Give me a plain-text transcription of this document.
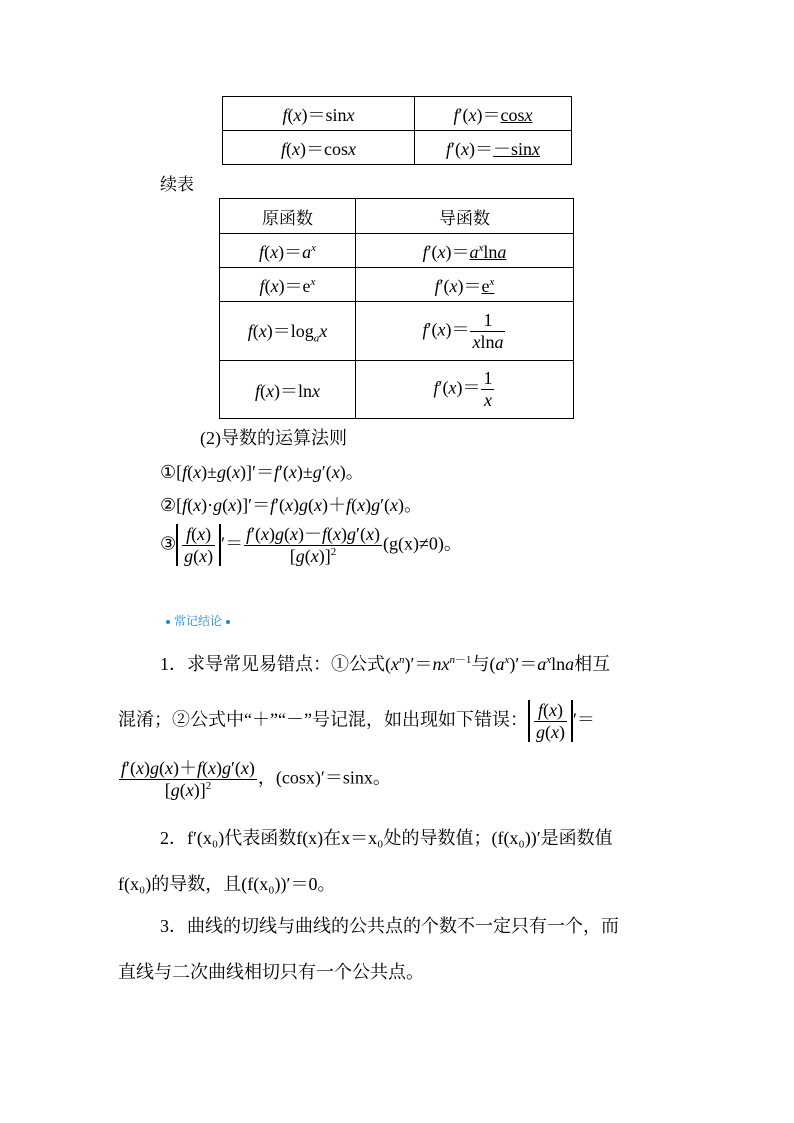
f(x)＝sinx	f′(x)＝cosx
f(x)＝cosx	f′(x)＝－sinx
续表
原函数	导函数
$f(x)=a^x$	$f'(x)=a^x\ln a$
$f(x)=e^x$	$f'(x)=e^x$
$f(x)=\log_ax$	$f'(x)= \frac{1}{xlna}$

f(x)＝lnx	$f'(x)= \frac{1}{x}$
(2)导数的运算法则
①[f(x)±g(x)]′＝f′(x)±g′(x)。
②[f(x)·g(x)]′＝f′(x)g(x)＋f(x)g′(x)。
③ $\frac{f(x)}{g(x)}$ ′＝ $\frac{f'(x)g(x)-f(x)g'(x)}{[g(x)]^2} (g(x)\ne 0)$。
常记结论
1．求导常见易错点：①公式$(x^n)'=nx^{n-1}$与$(a^x)'=a^x\ln a$相互
混淆；②公式中“＋”“－”号记混，如出现如下错误： $\frac{f(x)}{g(x)}$ ′＝
$\frac{f'(x)g(x)+f(x)g'(x)}{[g(x)]^2}$ ，(cosx)′＝sinx。
2．f′(x₀)代表函数f(x)在x＝x₀处的导数值；(f(x₀))′是函数值
f(x₀)的导数，且(f(x₀))′＝0。
3．曲线的切线与曲线的公共点的个数不一定只有一个，而
直线与二次曲线相切只有一个公共点。
